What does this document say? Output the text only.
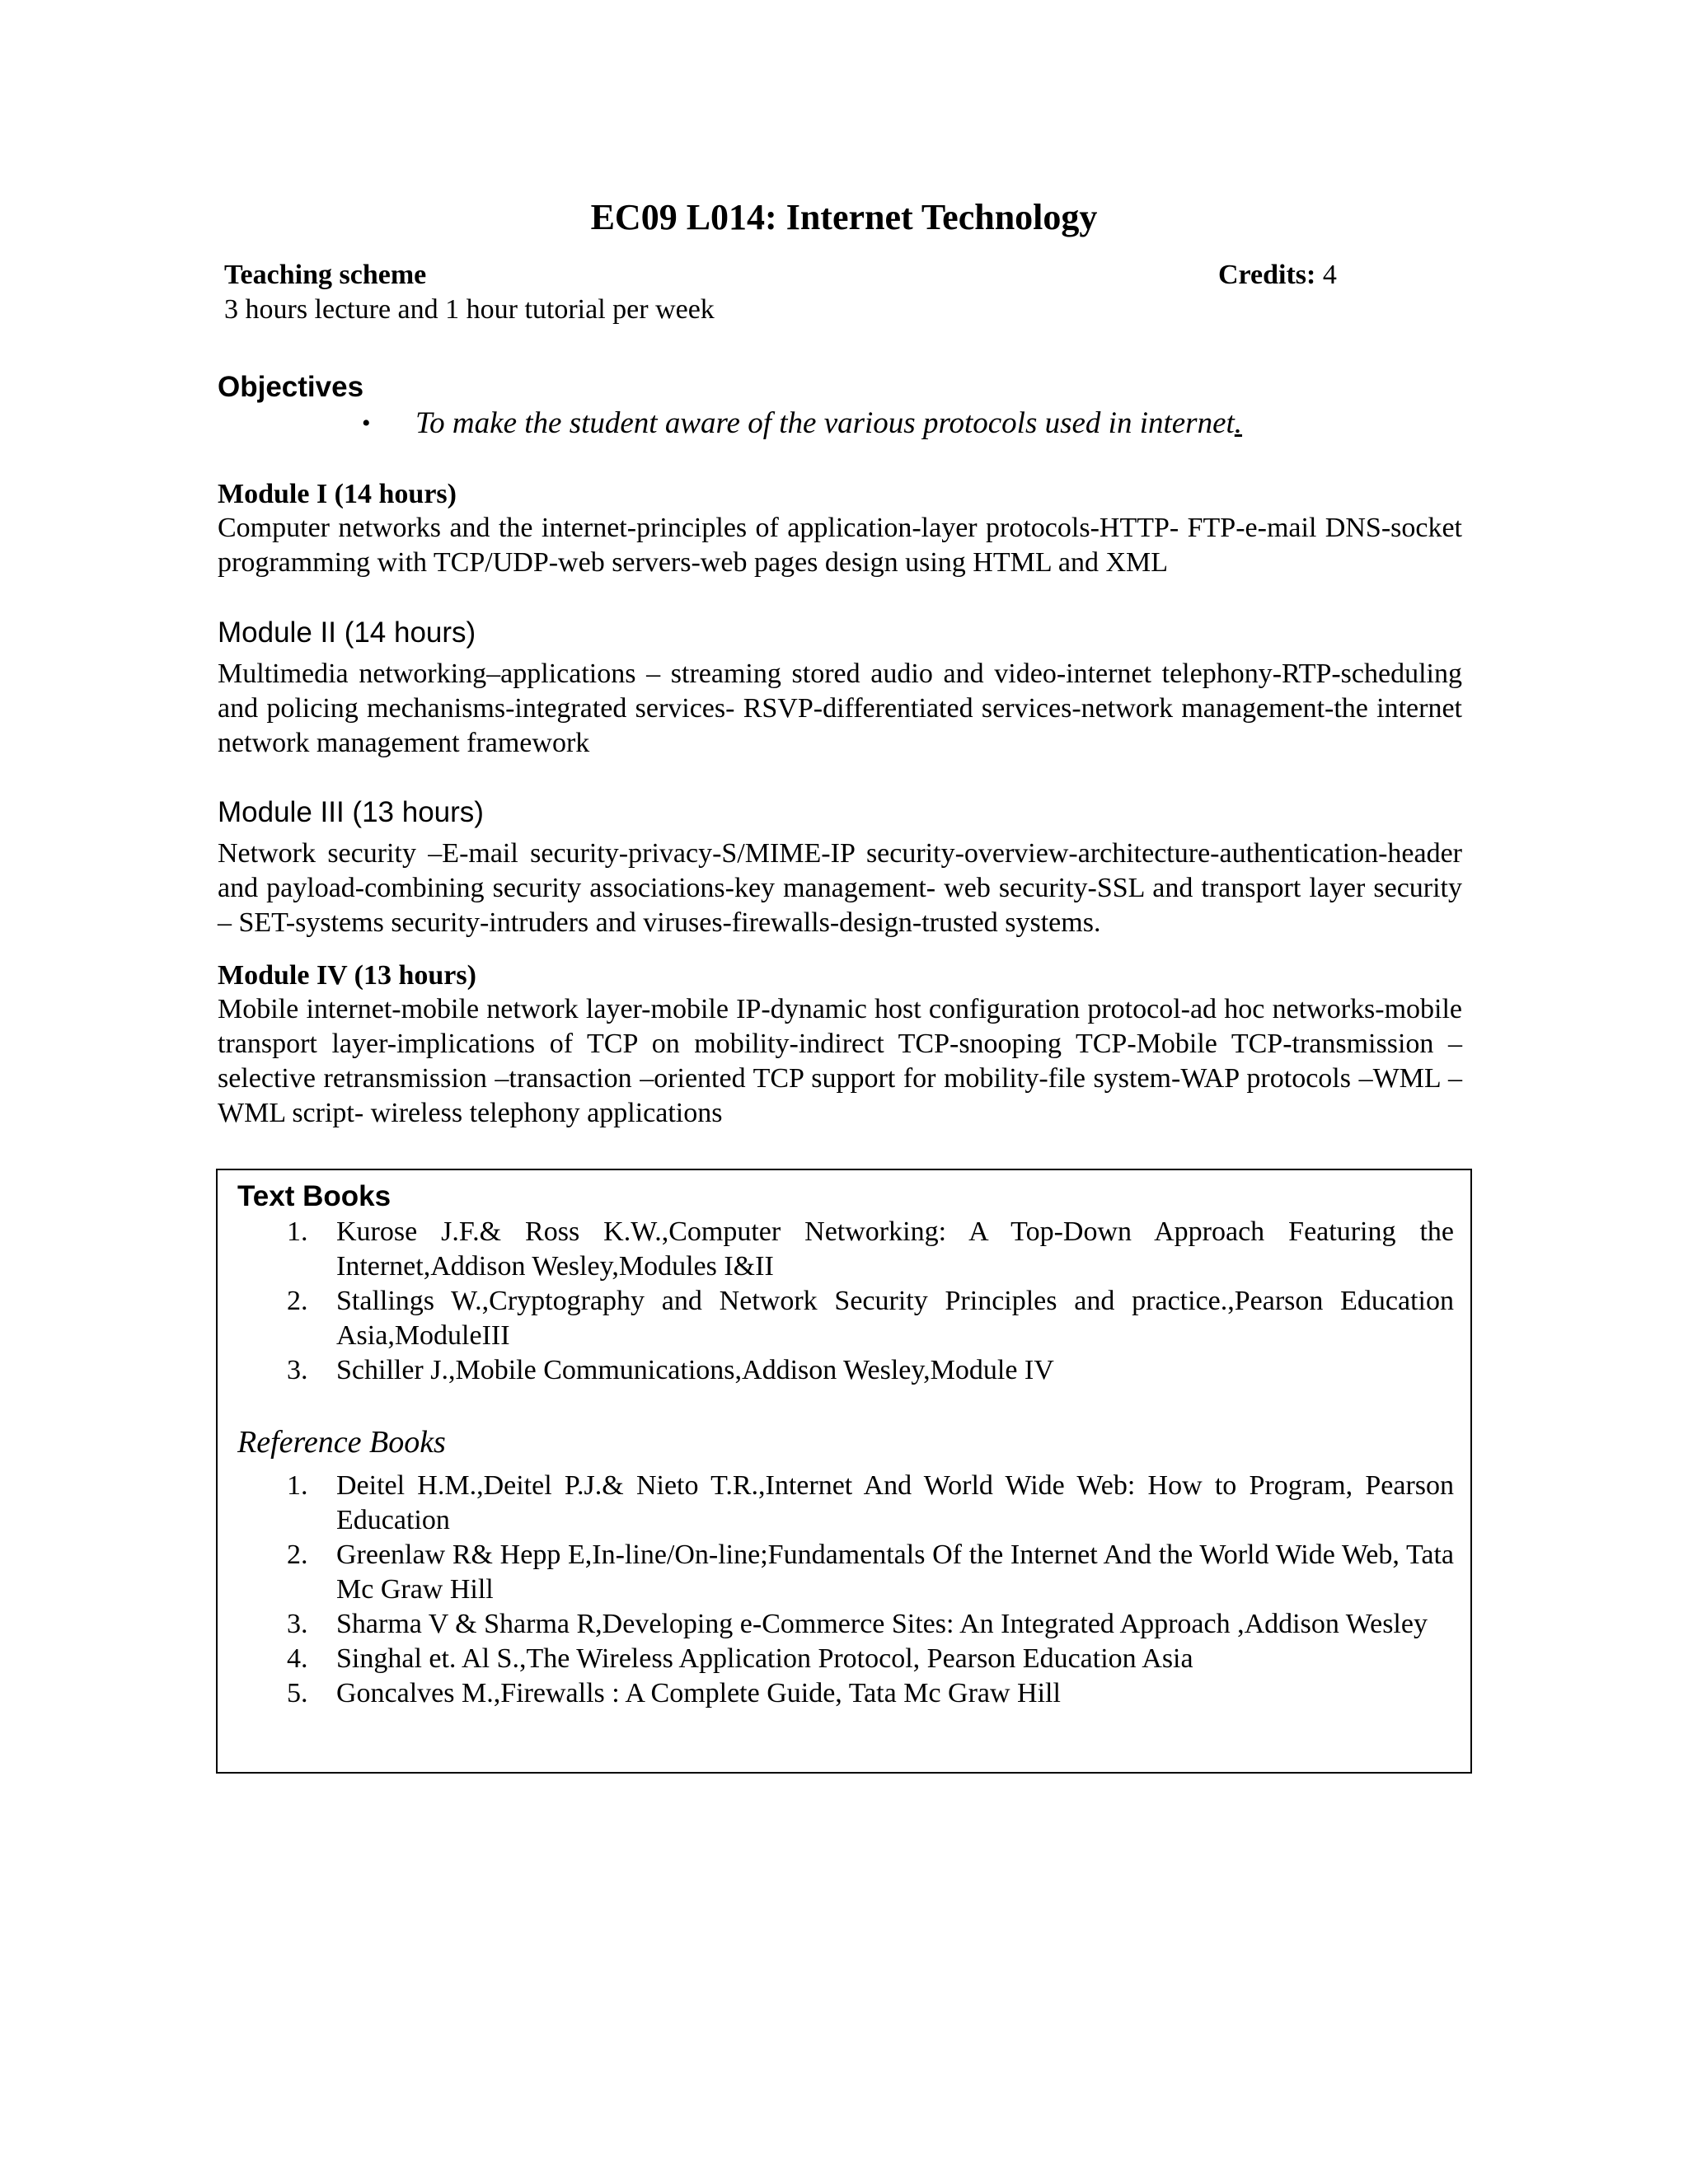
EC09 L014: Internet Technology
Teaching scheme	Credits: 4
3 hours lecture and 1 hour tutorial per week
Objectives
• To make the student aware of the various protocols used in internet.
Module I (14 hours)
Computer networks and the internet-principles of application-layer protocols-HTTP- FTP-e-mail DNS-socket programming with TCP/UDP-web servers-web pages design using HTML and XML
Module II (14 hours)
Multimedia networking–applications – streaming stored audio and video-internet telephony-RTP-scheduling and policing mechanisms-integrated services- RSVP-differentiated services-network management-the internet network management framework
Module III (13 hours)
Network security –E-mail security-privacy-S/MIME-IP security-overview-architecture-authentication-header and payload-combining security associations-key management- web security-SSL and transport layer security – SET-systems security-intruders and viruses-firewalls-design-trusted systems.
Module IV (13 hours)
Mobile internet-mobile network layer-mobile IP-dynamic host configuration protocol-ad hoc networks-mobile transport layer-implications of TCP on mobility-indirect TCP-snooping TCP-Mobile TCP-transmission –selective retransmission –transaction –oriented TCP support for mobility-file system-WAP protocols –WML –WML script- wireless telephony applications
Text Books
1. Kurose J.F.& Ross K.W.,Computer Networking: A Top-Down Approach Featuring the Internet,Addison Wesley,Modules I&II
2. Stallings W.,Cryptography and Network Security Principles and practice.,Pearson Education Asia,ModuleIII
3. Schiller J.,Mobile Communications,Addison Wesley,Module IV
Reference Books
1. Deitel H.M.,Deitel P.J.& Nieto T.R.,Internet And World Wide Web: How to Program, Pearson Education
2. Greenlaw R& Hepp E,In-line/On-line;Fundamentals Of the Internet And the World Wide Web, Tata Mc Graw Hill
3. Sharma V & Sharma R,Developing e-Commerce Sites: An Integrated Approach ,Addison Wesley
4. Singhal et. Al S.,The Wireless Application Protocol, Pearson Education Asia
5. Goncalves M.,Firewalls : A Complete Guide, Tata Mc Graw Hill
